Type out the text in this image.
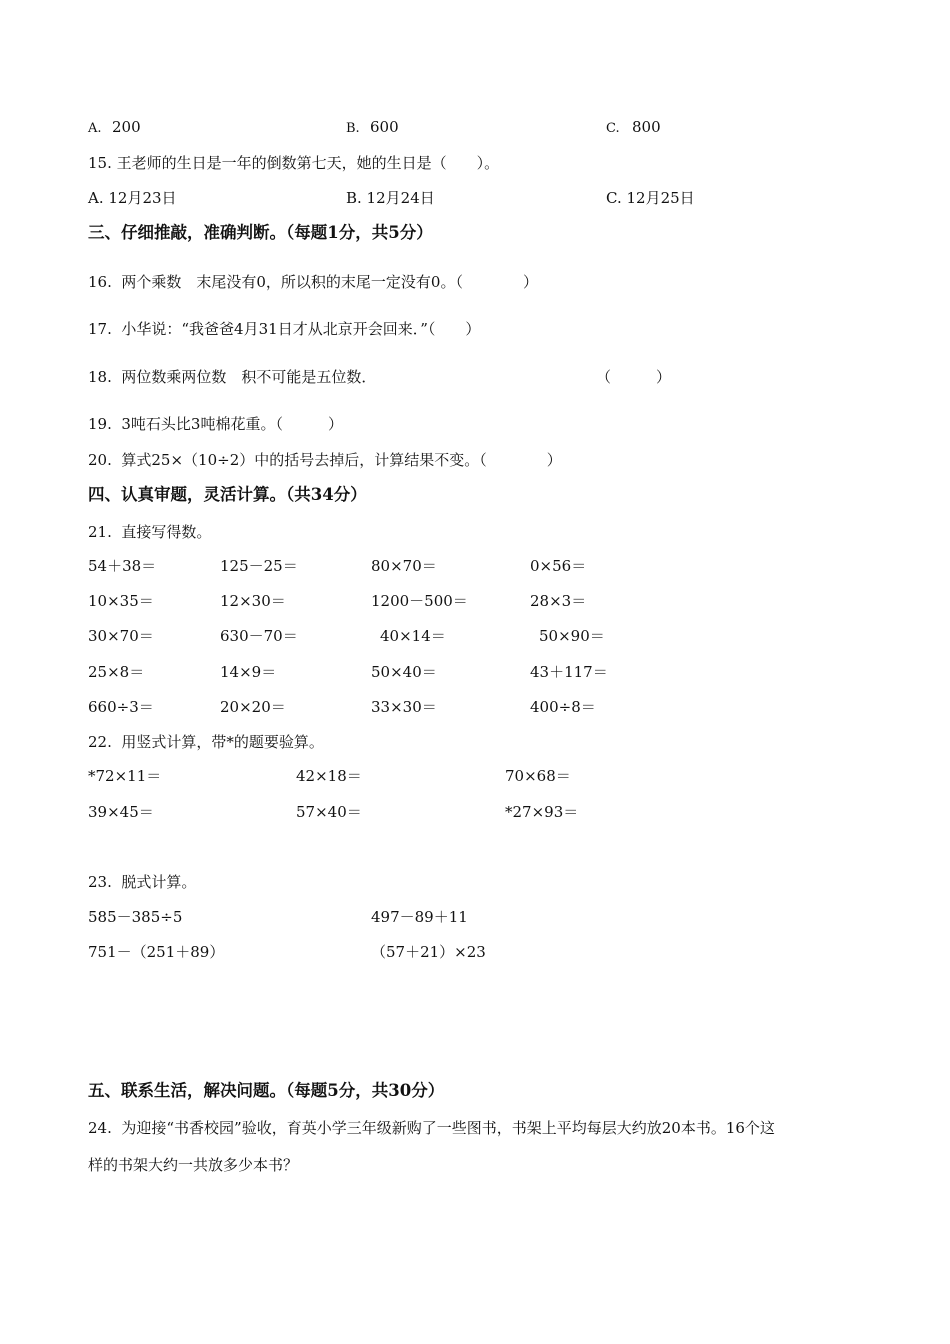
A. 200	B. 600	C. 800
15. 王老师的生日是一年的倒数第七天，她的生日是（　　）。
A. 12月23日	B. 12月24日	C. 12月25日
三、仔细推敲，准确判断。（每题1分，共5分）
16.  两个乘数　末尾没有0，所以积的末尾一定没有0。（　　　　）
17.  小华说：“我爸爸4月31日才从北京开会回来．”（　　）
18.  两位数乘两位数　积不可能是五位数．	（　　　）
19.  3吨石头比3吨棉花重。（　　　）
20.  算式25×（10÷2）中的括号去掉后，计算结果不变。（　　　　）
四、认真审题，灵活计算。（共34分）
21.  直接写得数。
54＋38＝	125－25＝	80×70＝	0×56＝
10×35＝	12×30＝	1200－500＝	28×3＝
30×70＝	630－70＝	40×14＝	50×90＝
25×8＝	14×9＝	50×40＝	43＋117＝
660÷3＝	20×20＝	33×30＝	400÷8＝
22.  用竖式计算，带*的题要验算。
*72×11＝	42×18＝	70×68＝
39×45＝	57×40＝	*27×93＝
23.  脱式计算。
585－385÷5	497－89＋11
751－（251＋89）	（57＋21）×23
五、联系生活，解决问题。（每题5分，共30分）
24.  为迎接“书香校园”验收，育英小学三年级新购了一些图书，书架上平均每层大约放20本书。16个这
样的书架大约一共放多少本书？
